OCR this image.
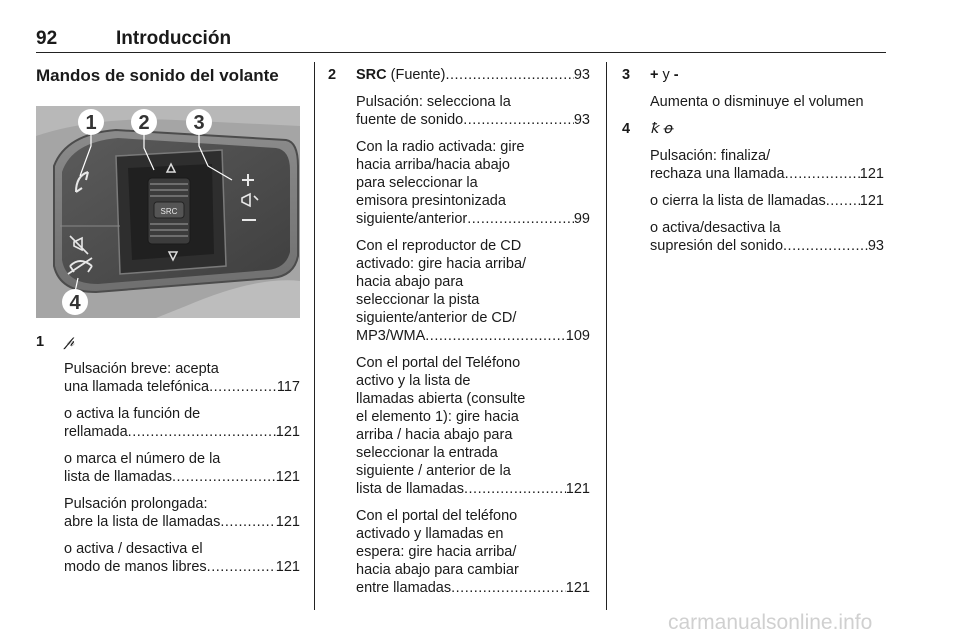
92	Introducción
Mandos de sonido del volante
SRC
1 2 3
4
1 𝓅
Pulsación breve: acepta
una llamada telefónica .....	117
o activa la función de
rellamada .....	121
o marca el número de la
lista de llamadas .....	121
Pulsación prolongada:
abre la lista de llamadas .....	121
o activa / desactiva el
modo de manos libres .....	121
2 SRC (Fuente) .....	93
Pulsación: selecciona la
fuente de sonido .....	93
Con la radio activada: gire
hacia arriba/hacia abajo
para seleccionar la
emisora presintonizada
siguiente/anterior .....	99
Con el reproductor de CD
activado: gire hacia arriba/
hacia abajo para
seleccionar la pista
siguiente/anterior de CD/
MP3/WMA .....	109
Con el portal del Teléfono
activo y la lista de
llamadas abierta (consulte
el elemento 1): gire hacia
arriba / hacia abajo para
seleccionar la entrada
siguiente / anterior de la
lista de llamadas .....	121
Con el portal del teléfono
activado y llamadas en
espera: gire hacia arriba/
hacia abajo para cambiar
entre llamadas .....	121
3 + y -
Aumenta o disminuye el volumen
4 ꝁ ꝋ
Pulsación: finaliza/
rechaza una llamada .....	121
o cierra la lista de llamadas ..... 121
o activa/desactiva la
supresión del sonido .....	93
carmanualsonline.info
